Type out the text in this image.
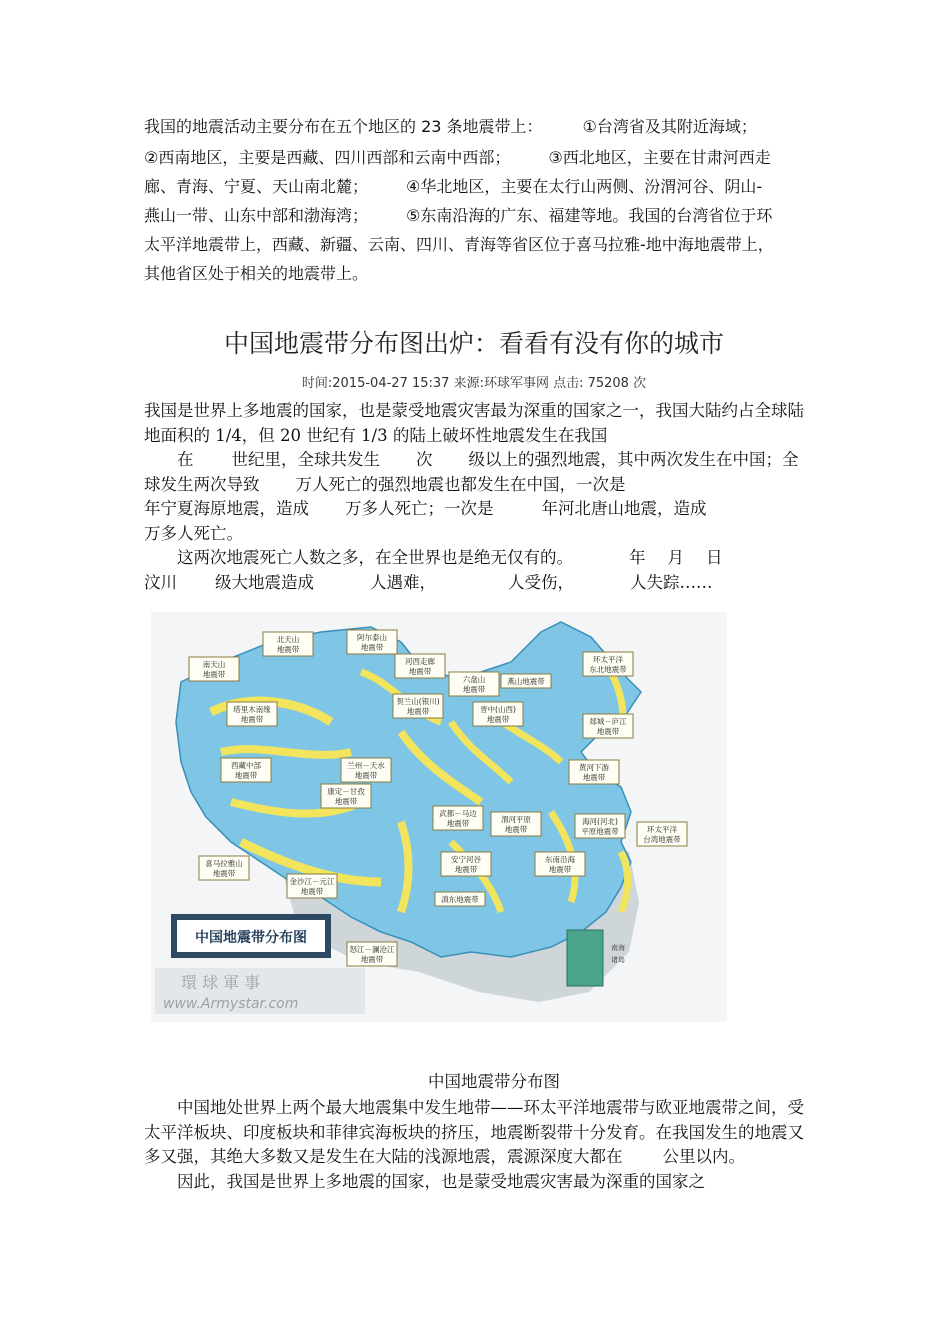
我国的地震活动主要分布在五个地区的 23 条地震带上：	①台湾省及其附近海域；

②西南地区，主要是西藏、四川西部和云南中西部； ③西北地区，主要在甘肃河西走

廊、青海、宁夏、天山南北麓； ④华北地区，主要在太行山两侧、汾渭河谷、阴山-

燕山一带、山东中部和渤海湾； ⑤东南沿海的广东、福建等地。我国的台湾省位于环

太平洋地震带上，西藏、新疆、云南、四川、青海等省区位于喜马拉雅-地中海地震带上，

其他省区处于相关的地震带上。

中国地震带分布图出炉：看看有没有你的城市
时间:2015-04-27 15:37 来源:环球军事网 点击: 75208 次

我国是世界上多地震的国家，也是蒙受地震灾害最为深重的国家之一，我国大陆约占全球陆地面积的 1/4，但 20 世纪有 1/3 的陆上破坏性地震发生在我国

在 世纪里，全球共发生 次 级以上的强烈地震，其中两次发生在中国；全球发生两次导致 万人死亡的强烈地震也都发生在中国，一次是
年宁夏海原地震，造成 万多人死亡；一次是	年河北唐山地震，造成
万多人死亡。

这两次地震死亡人数之多，在全世界也是绝无仅有的。	年 月 日
汶川 级大地震造成	人遇难，	人受伤，	人失踪……

南海
诸岛
北天山
地震带
阿尔泰山
地震带
南天山
地震带
河西走廊
地震带
六盘山
地震带
环太平洋
东北地震带
燕山地震带
塔里木南缘
地震带
贺兰山(银川)
地震带	晋中(山西)
地震带	郯城－庐江
地震带
西藏中部
地震带
兰州－天水
地震带
黄河下游
地震带
康定－甘孜
地震带
武都－马边
地震带	渭河平原
地震带
海河(河北)
平原地震带	环太平洋
台湾地震带
喜马拉雅山
地震带
安宁河谷
地震带
东南沿海
地震带
金沙江－元江
地震带
滇东地震带
怒江－澜沧江
地震带
中国地震带分布图
環 球 軍 事
www.Armystar.com
中国地震带分布图

中国地处世界上两个最大地震集中发生地带——环太平洋地震带与欧亚地震带之间，受太平洋板块、印度板块和菲律宾海板块的挤压，地震断裂带十分发育。在我国发生的地震又多又强，其绝大多数又是发生在大陆的浅源地震，震源深度大都在 公里以内。

因此，我国是世界上多地震的国家，也是蒙受地震灾害最为深重的国家之
